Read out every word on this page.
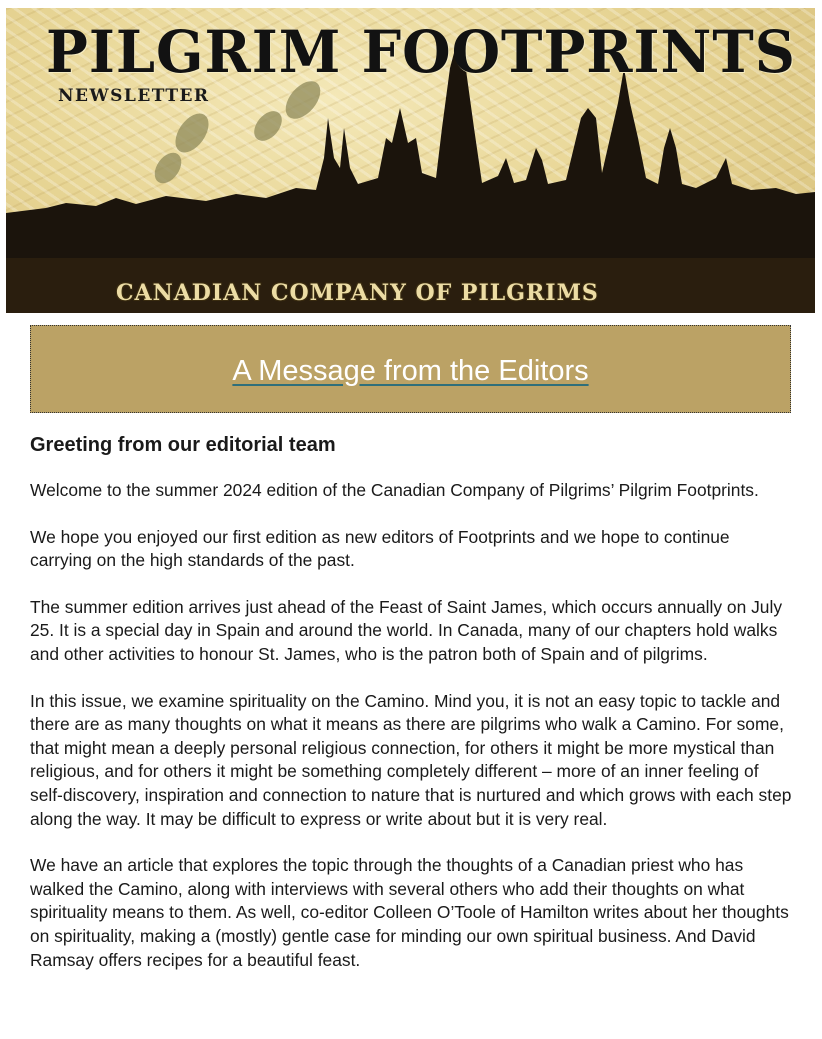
PILGRIM FOOTPRINTS
NEWSLETTER
CANADIAN COMPANY OF PILGRIMS
A Message from the Editors
Greeting from our editorial team

Welcome to the summer 2024 edition of the Canadian Company of Pilgrims’ Pilgrim Footprints.

We hope you enjoyed our first edition as new editors of Footprints and we hope to continue carrying on the high standards of the past.

The summer edition arrives just ahead of the Feast of Saint James, which occurs annually on July 25. It is a special day in Spain and around the world. In Canada, many of our chapters hold walks and other activities to honour St. James, who is the patron both of Spain and of pilgrims.

In this issue, we examine spirituality on the Camino. Mind you, it is not an easy topic to tackle and there are as many thoughts on what it means as there are pilgrims who walk a Camino. For some, that might mean a deeply personal religious connection, for others it might be more mystical than religious, and for others it might be something completely different – more of an inner feeling of self-discovery, inspiration and connection to nature that is nurtured and which grows with each step along the way. It may be difficult to express or write about but it is very real.

We have an article that explores the topic through the thoughts of a Canadian priest who has walked the Camino, along with interviews with several others who add their thoughts on what spirituality means to them. As well, co-editor Colleen O’Toole of Hamilton writes about her thoughts on spirituality, making a (mostly) gentle case for minding our own spiritual business. And David Ramsay offers recipes for a beautiful feast.
